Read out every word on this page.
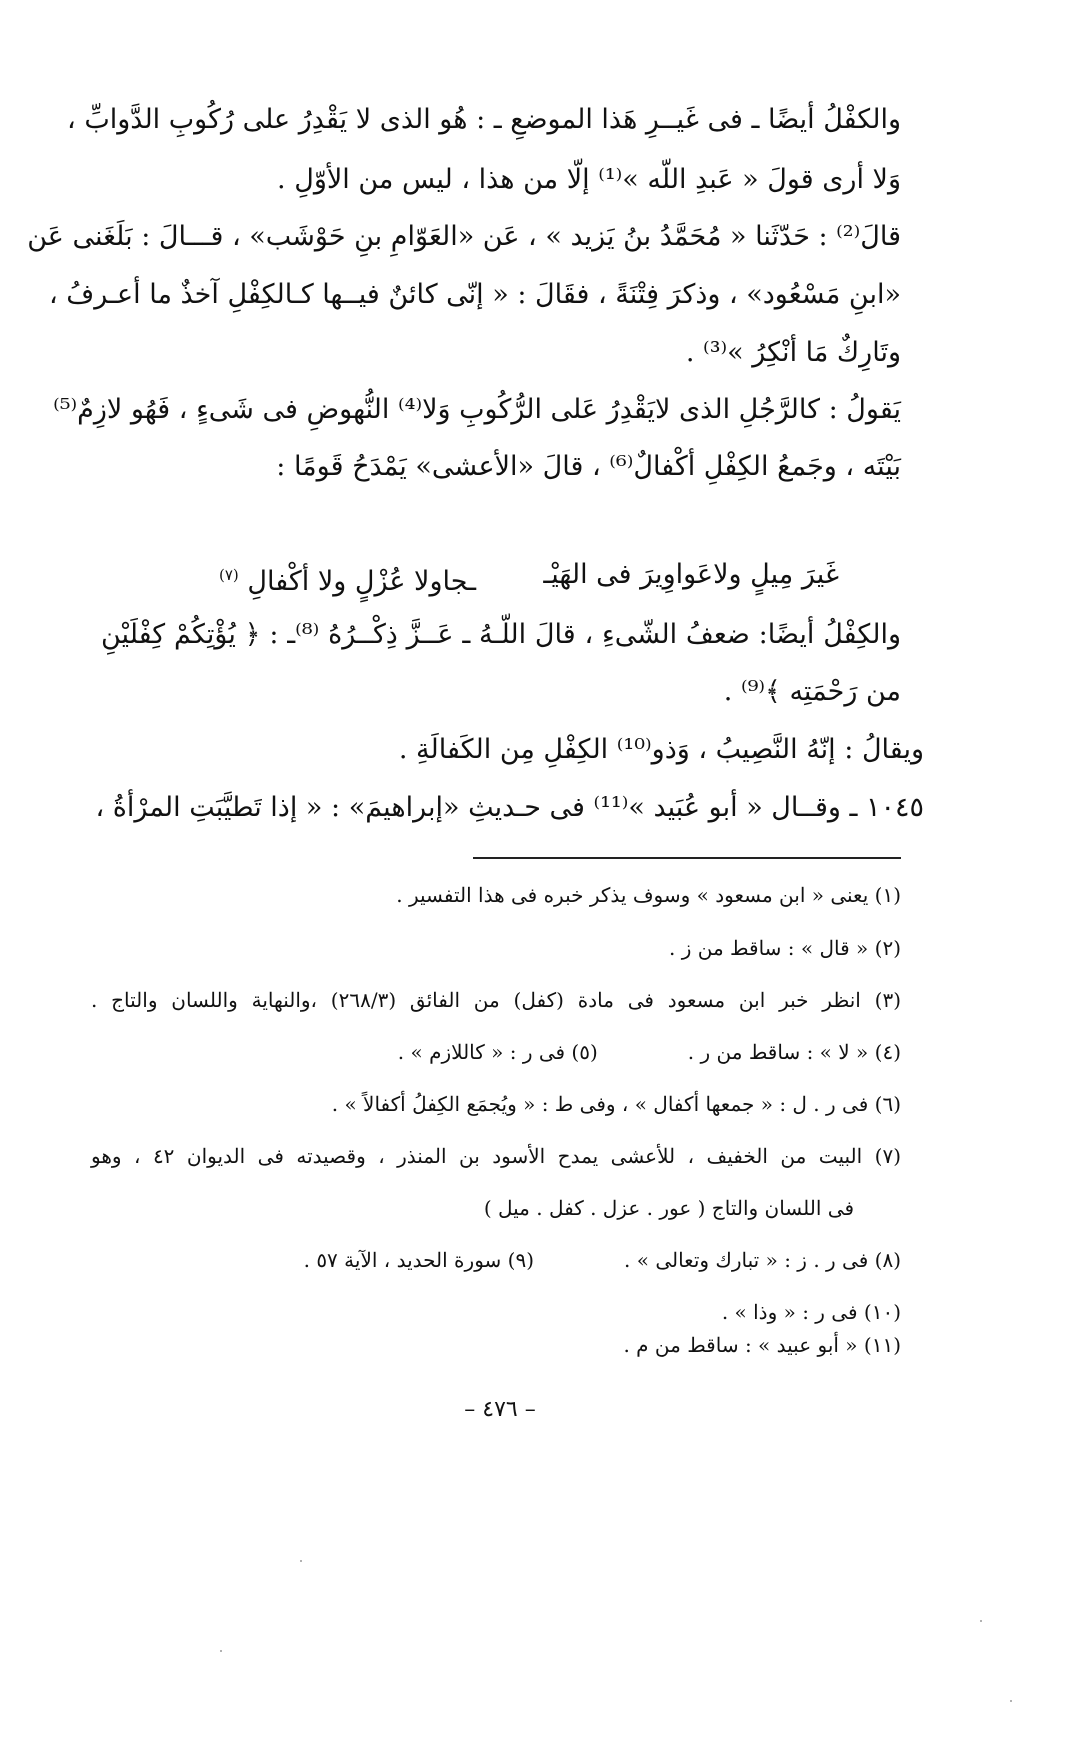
والكفْلُ أيضًا ـ فى غَيــرِ هَذا الموضعِ ـ : هُو الذى لا يَقْدِرُ على رُكُوبِ الدَّوابِّ ،
وَلا أرى قولَ « عَبدِ اللّه »⁽¹⁾ إلّا من هذا ، ليس من الأوّلِ .
قالَ⁽²⁾ : حَدّثَنا « مُحَمَّدُ بنُ يَزيد » ، عَن «العَوّامِ بنِ حَوْشَب» ، قـــالَ : بَلَغَنى عَن
«ابنِ مَسْعُود» ، وذكرَ فِتْنَةً ، فقَالَ : « إنّى كائنٌ فيــها كـالكِفْلِ آخذٌ ما أعـرفُ ،
وتَارِكٌ مَا أنْكِرُ »⁽³⁾ .
يَقولُ : كالرَّجُلِ الذى لايَقْدِرُ عَلى الرُّكُوبِ وَلا⁽⁴⁾ النُّهوضِ فى شَىءٍ ، فَهُو لازِمٌ⁽⁵⁾
بَيْتَه ، وجَمعُ الكِفْلِ أكْفالٌ⁽⁶⁾ ، قالَ «الأعشى» يَمْدَحُ قَومًا :
غَيرَ مِيلٍ ولاعَواوِيرَ فى الهَيْـ
ـجاولا عُزْلٍ ولا أكْفالِ $^{(٧)}$
والكِفْلُ أيضًا: ضعفُ الشّىءِ ، قالَ اللّـهُ ـ عَــزَّ ذِكْــرُهُ ⁽⁸⁾ـ : ﴿ يُؤْتِكُمْ كِفْلَيْنِ
من رَحْمَتِه ﴾⁽⁹⁾ .
ويقالُ : إنّهُ النَّصِيبُ ، وَذو⁽¹⁰⁾ الكِفْلِ مِن الكَفالَةِ .
١٠٤٥ ـ وقــال « أبو عُبَيد »⁽¹¹⁾ فى حـديثِ «إبراهيمَ» : « إذا تَطيَّبَتِ المرْأةُ ،
(١) يعنى « ابن مسعود » وسوف يذكر خبره فى هذا التفسير .
(٢) « قال » : ساقط من ز .
(٣) انظر خبر ابن مسعود فى مادة (كفل) من الفائق (٢٦٨/٣) ،والنهاية واللسان والتاج .
(٤) « لا » : ساقط من ر .(٥) فى ر : « كاللازم » .
(٦) فى ر . ل : « جمعها أكفال » ، وفى ط : « ويُجمَع الكِفلُ أكفالاً » .
(٧) البيت من الخفيف ، للأعشى يمدح الأسود بن المنذر ، وقصيدته فى الديوان ٤٢ ، وهو
فى اللسان والتاج ( عور . عزل . كفل . ميل )
(٨) فى ر . ز : « تبارك وتعالى » .(٩) سورة الحديد ، الآية ٥٧ .
(١٠) فى ر : « وذا » .
(١١) « أبو عبيد » : ساقط من م .
– ٤٧٦ –
